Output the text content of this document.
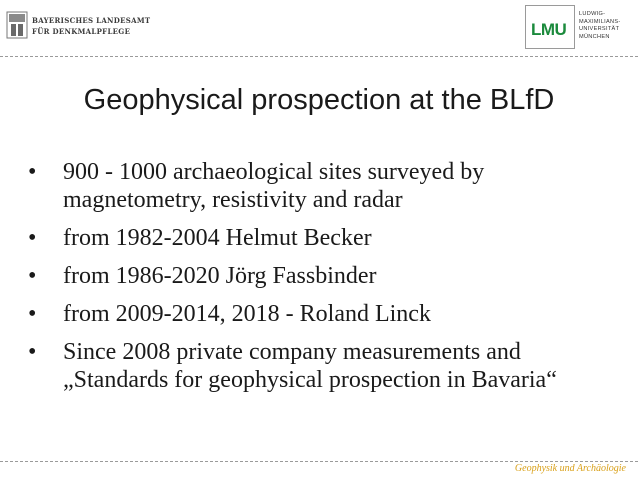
BAYERISCHES LANDESAMT
FÜR DENKMALPFLEGE	LMU
LUDWIG-
MAXIMILIANS-
UNIVERSITÄT
MÜNCHEN
Geophysical prospection at the BLfD
•	900 - 1000 archaeological sites surveyed by magnetometry, resistivity and radar
•	from 1982-2004 Helmut Becker
•	from 1986-2020 Jörg Fassbinder
•	from 2009-2014, 2018 - Roland Linck
•	Since 2008 private company measurements and „Standards for geophysical prospection in Bavaria“
Geophysik und Archäologie
